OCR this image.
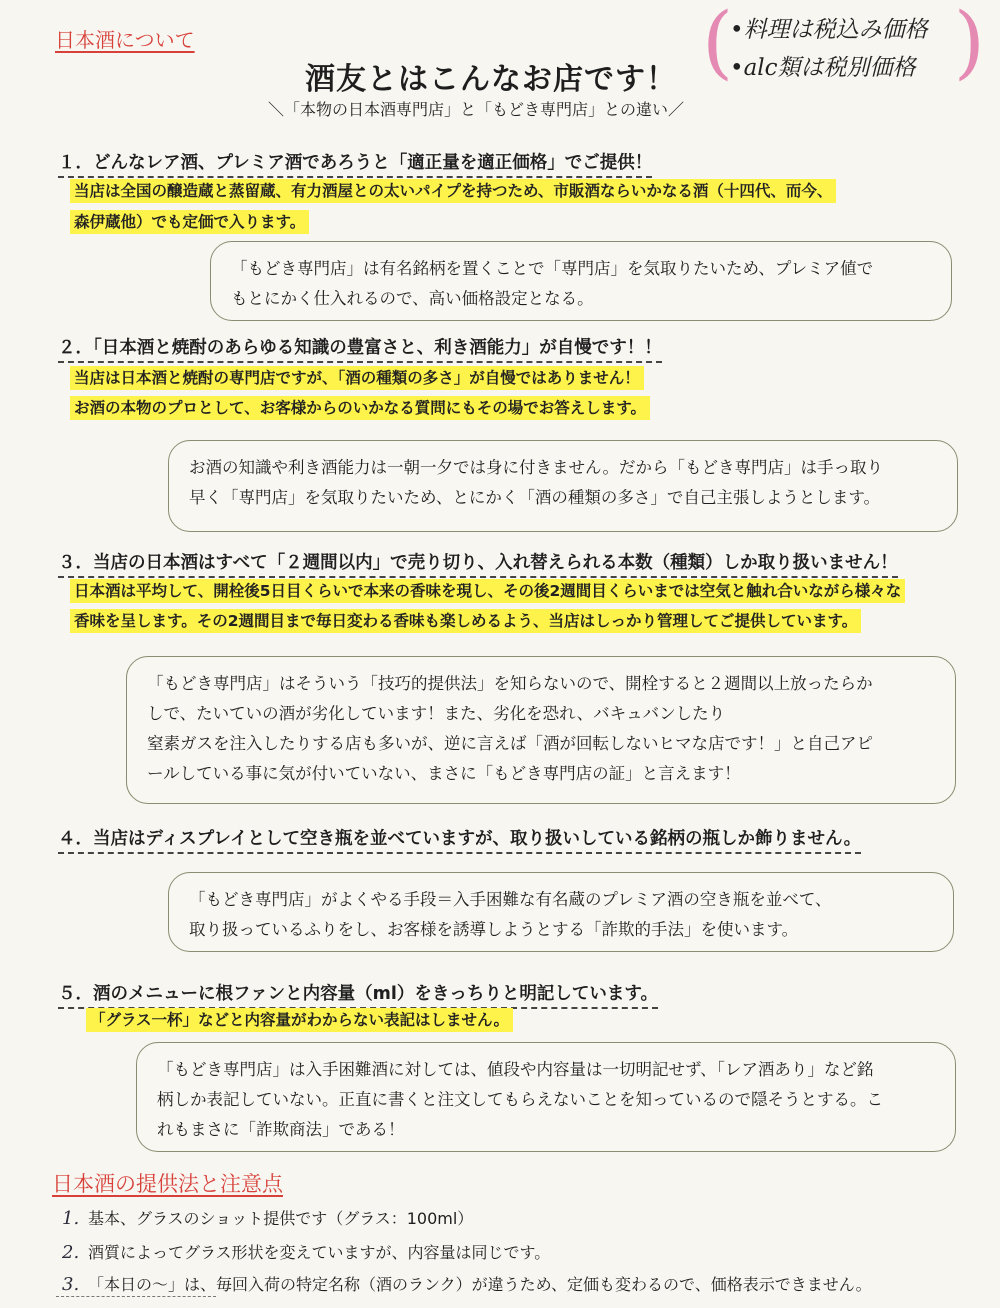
日本酒について
酒友とはこんなお店です！
＼「本物の日本酒専門店」と「もどき専門店」との違い／
(
•料理は税込み価格
•alc類は税別価格 )
１．どんなレア酒、プレミア酒であろうと「適正量を適正価格」でご提供！
当店は全国の醸造蔵と蒸留蔵、有力酒屋との太いパイプを持つため、市販酒ならいかなる酒（十四代、而今、
森伊蔵他）でも定価で入ります。
「もどき専門店」は有名銘柄を置くことで「専門店」を気取りたいため、プレミア値で
もとにかく仕入れるので、高い価格設定となる。
２．「日本酒と焼酎のあらゆる知識の豊富さと、利き酒能力」が自慢です！！
当店は日本酒と焼酎の専門店ですが、「酒の種類の多さ」が自慢ではありません！
お酒の本物のプロとして、お客様からのいかなる質問にもその場でお答えします。
お酒の知識や利き酒能力は一朝一夕では身に付きません。だから「もどき専門店」は手っ取り
早く「専門店」を気取りたいため、とにかく「酒の種類の多さ」で自己主張しようとします。
３．当店の日本酒はすべて「２週間以内」で売り切り、入れ替えられる本数（種類）しか取り扱いません！
日本酒は平均して、開栓後5日目くらいで本来の香味を現し、その後2週間目くらいまでは空気と触れ合いながら様々な
香味を呈します。その2週間目まで毎日変わる香味も楽しめるよう、当店はしっかり管理してご提供しています。
「もどき専門店」はそういう「技巧的提供法」を知らないので、開栓すると２週間以上放ったらか
しで、たいていの酒が劣化しています！また、劣化を恐れ、バキュバンしたり
窒素ガスを注入したりする店も多いが、逆に言えば「酒が回転しないヒマな店です！」と自己アピ
ールしている事に気が付いていない、まさに「もどき専門店の証」と言えます！
４．当店はディスプレイとして空き瓶を並べていますが、取り扱いしている銘柄の瓶しか飾りません。
「もどき専門店」がよくやる手段＝入手困難な有名蔵のプレミア酒の空き瓶を並べて、
取り扱っているふりをし、お客様を誘導しようとする「詐欺的手法」を使います。
５．酒のメニューに根ファンと内容量（ml）をきっちりと明記しています。
「グラス一杯」などと内容量がわからない表記はしません。
「もどき専門店」は入手困難酒に対しては、値段や内容量は一切明記せず、「レア酒あり」など銘
柄しか表記していない。正直に書くと注文してもらえないことを知っているので隠そうとする。こ
れもまさに「詐欺商法」である！
日本酒の提供法と注意点
1. 基本、グラスのショット提供です（グラス：100ml）
2. 酒質によってグラス形状を変えていますが、内容量は同じです。
3. 「本日の～」は、毎回入荷の特定名称（酒のランク）が違うため、定価も変わるので、価格表示できません。
